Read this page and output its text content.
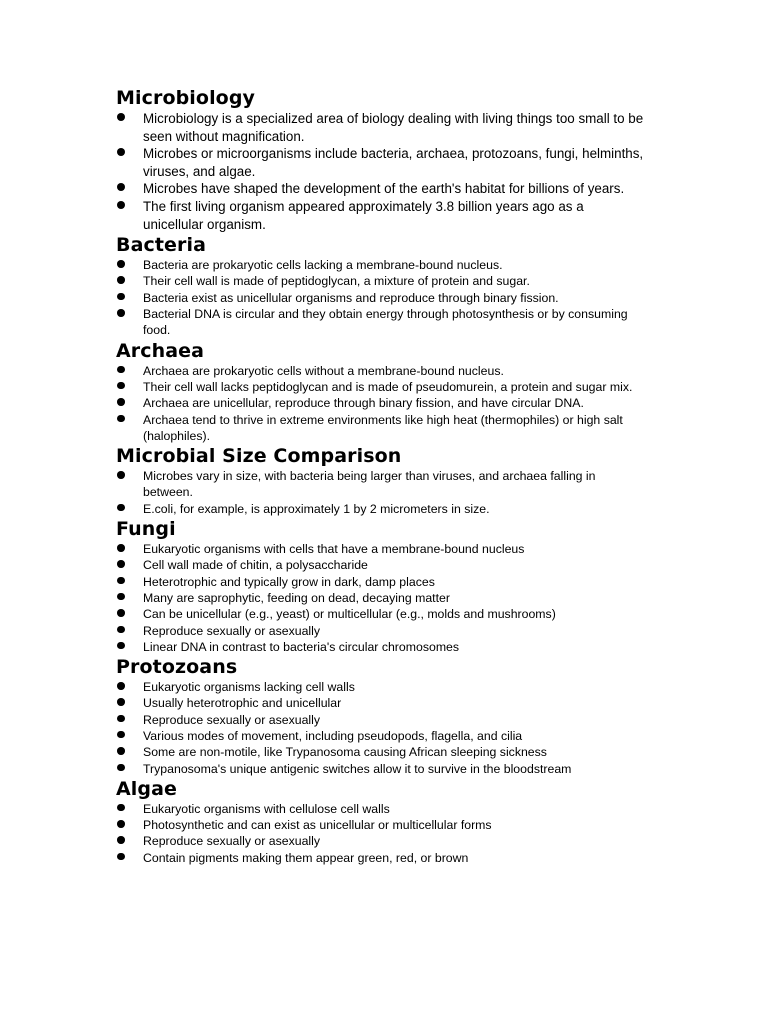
Microbiology
Microbiology is a specialized area of biology dealing with living things too small to be seen without magnification.
Microbes or microorganisms include bacteria, archaea, protozoans, fungi, helminths, viruses, and algae.
Microbes have shaped the development of the earth's habitat for billions of years.
The first living organism appeared approximately 3.8 billion years ago as a unicellular organism.
Bacteria
Bacteria are prokaryotic cells lacking a membrane-bound nucleus.
Their cell wall is made of peptidoglycan, a mixture of protein and sugar.
Bacteria exist as unicellular organisms and reproduce through binary fission.
Bacterial DNA is circular and they obtain energy through photosynthesis or by consuming food.
Archaea
Archaea are prokaryotic cells without a membrane-bound nucleus.
Their cell wall lacks peptidoglycan and is made of pseudomurein, a protein and sugar mix.
Archaea are unicellular, reproduce through binary fission, and have circular DNA.
Archaea tend to thrive in extreme environments like high heat (thermophiles) or high salt (halophiles).
Microbial Size Comparison
Microbes vary in size, with bacteria being larger than viruses, and archaea falling in between.
E.coli, for example, is approximately 1 by 2 micrometers in size.
Fungi
Eukaryotic organisms with cells that have a membrane-bound nucleus
Cell wall made of chitin, a polysaccharide
Heterotrophic and typically grow in dark, damp places
Many are saprophytic, feeding on dead, decaying matter
Can be unicellular (e.g., yeast) or multicellular (e.g., molds and mushrooms)
Reproduce sexually or asexually
Linear DNA in contrast to bacteria's circular chromosomes
Protozoans
Eukaryotic organisms lacking cell walls
Usually heterotrophic and unicellular
Reproduce sexually or asexually
Various modes of movement, including pseudopods, flagella, and cilia
Some are non-motile, like Trypanosoma causing African sleeping sickness
Trypanosoma's unique antigenic switches allow it to survive in the bloodstream
Algae
Eukaryotic organisms with cellulose cell walls
Photosynthetic and can exist as unicellular or multicellular forms
Reproduce sexually or asexually
Contain pigments making them appear green, red, or brown
